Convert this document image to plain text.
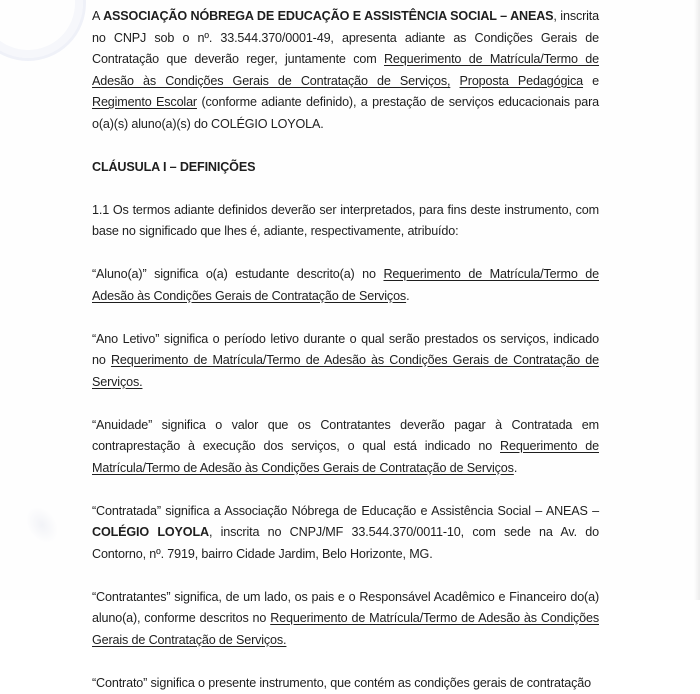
A ASSOCIAÇÃO NÓBREGA DE EDUCAÇÃO E ASSISTÊNCIA SOCIAL – ANEAS, inscrita no CNPJ sob o nº. 33.544.370/0001-49, apresenta adiante as Condições Gerais de Contratação que deverão reger, juntamente com Requerimento de Matrícula/Termo de Adesão às Condições Gerais de Contratação de Serviços, Proposta Pedagógica e Regimento Escolar (conforme adiante definido), a prestação de serviços educacionais para o(a)(s) aluno(a)(s) do COLÉGIO LOYOLA.

CLÁUSULA I – DEFINIÇÕES

1.1 Os termos adiante definidos deverão ser interpretados, para fins deste instrumento, com base no significado que lhes é, adiante, respectivamente, atribuído:

“Aluno(a)” significa o(a) estudante descrito(a) no Requerimento de Matrícula/Termo de Adesão às Condições Gerais de Contratação de Serviços.

“Ano Letivo” significa o período letivo durante o qual serão prestados os serviços, indicado no Requerimento de Matrícula/Termo de Adesão às Condições Gerais de Contratação de Serviços.

“Anuidade” significa o valor que os Contratantes deverão pagar à Contratada em contraprestação à execução dos serviços, o qual está indicado no Requerimento de Matrícula/Termo de Adesão às Condições Gerais de Contratação de Serviços.

“Contratada” significa a Associação Nóbrega de Educação e Assistência Social – ANEAS – COLÉGIO LOYOLA, inscrita no CNPJ/MF 33.544.370/0011-10, com sede na Av. do Contorno, nº. 7919, bairro Cidade Jardim, Belo Horizonte, MG.

“Contratantes” significa, de um lado, os pais e o Responsável Acadêmico e Financeiro do(a) aluno(a), conforme descritos no Requerimento de Matrícula/Termo de Adesão às Condições Gerais de Contratação de Serviços.

“Contrato” significa o presente instrumento, que contém as condições gerais de contratação
